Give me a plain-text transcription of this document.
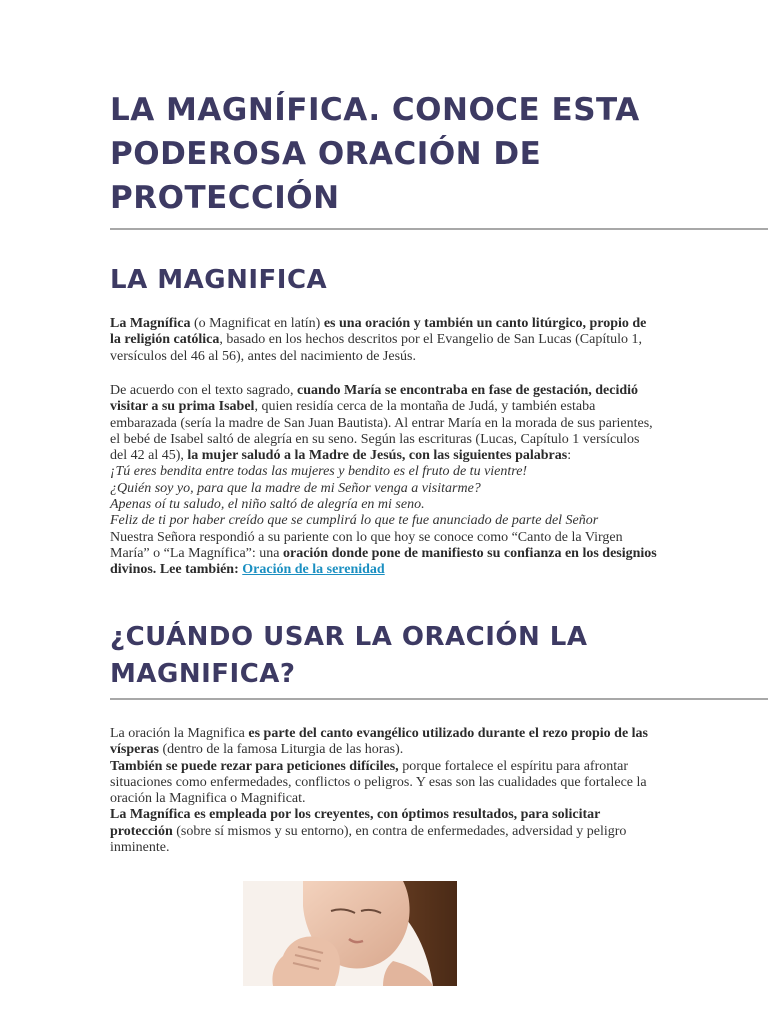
LA MAGNÍFICA. CONOCE ESTA PODEROSA ORACIÓN DE PROTECCIÓN
LA MAGNIFICA

La Magnífica (o Magnificat en latín) es una oración y también un canto litúrgico, propio de la religión católica, basado en los hechos descritos por el Evangelio de San Lucas (Capítulo 1, versículos del 46 al 56), antes del nacimiento de Jesús.

De acuerdo con el texto sagrado, cuando María se encontraba en fase de gestación, decidió visitar a su prima Isabel, quien residía cerca de la montaña de Judá, y también estaba embarazada (sería la madre de San Juan Bautista). Al entrar María en la morada de sus parientes, el bebé de Isabel saltó de alegría en su seno. Según las escrituras (Lucas, Capítulo 1 versículos del 42 al 45), la mujer saludó a la Madre de Jesús, con las siguientes palabras:
¡Tú eres bendita entre todas las mujeres y bendito es el fruto de tu vientre!
¿Quién soy yo, para que la madre de mi Señor venga a visitarme?
Apenas oí tu saludo, el niño saltó de alegría en mi seno.
Feliz de ti por haber creído que se cumplirá lo que te fue anunciado de parte del Señor
Nuestra Señora respondió a su pariente con lo que hoy se conoce como “Canto de la Virgen María” o “La Magnífica”: una oración donde pone de manifiesto su confianza en los designios divinos. Lee también: Oración de la serenidad

¿CUÁNDO USAR LA ORACIÓN LA MAGNIFICA?

La oración la Magnifica es parte del canto evangélico utilizado durante el rezo propio de las vísperas (dentro de la famosa Liturgia de las horas).
También se puede rezar para peticiones difíciles, porque fortalece el espíritu para afrontar situaciones como enfermedades, conflictos o peligros. Y esas son las cualidades que fortalece la oración la Magnifica o Magnificat.
La Magnífica es empleada por los creyentes, con óptimos resultados, para solicitar protección (sobre sí mismos y su entorno), en contra de enfermedades, adversidad y peligro inminente.
